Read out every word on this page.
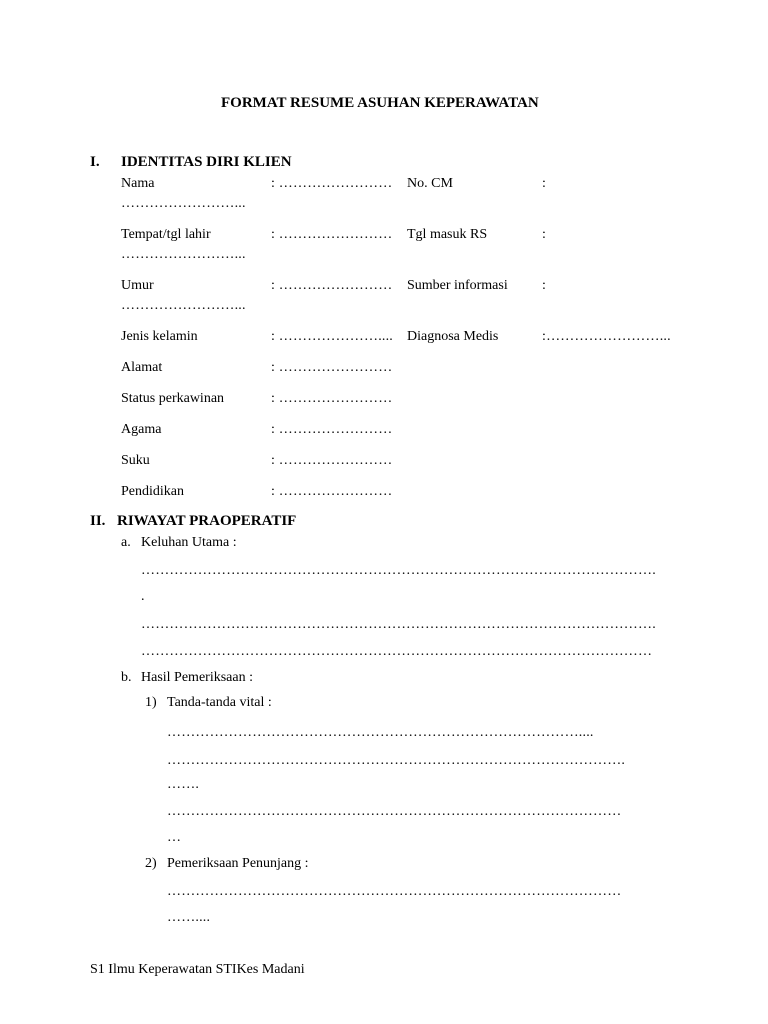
FORMAT RESUME ASUHAN KEPERAWATAN
I. IDENTITAS DIRI KLIEN
Nama	: …………………… No. CM	:
……………………...
Tempat/tgl lahir	: …………………… Tgl masuk RS	:
……………………...
Umur	: …………………… Sumber informasi :
……………………...
Jenis kelamin	: ………………….... Diagnosa Medis	:……………………...
Alamat	: ……………………
Status perkawinan	: ……………………
Agama	: ……………………
Suku	: ……………………
Pendidikan	: ……………………
II. RIWAYAT PRAOPERATIF
a. Keluhan Utama :
……………………………………………………………………………………………….
.
……………………………………………………………………………………………….
………………………………………………………………………………………………
b. Hasil Pemeriksaan :
1) Tanda-tanda vital :
……………………………………………………………………………....
…………………………………………………………………………………….
…….
……………………………………………………………………………………
…
2) Pemeriksaan Penunjang :
……………………………………………………………………………………
……....
S1 Ilmu Keperawatan STIKes Madani
